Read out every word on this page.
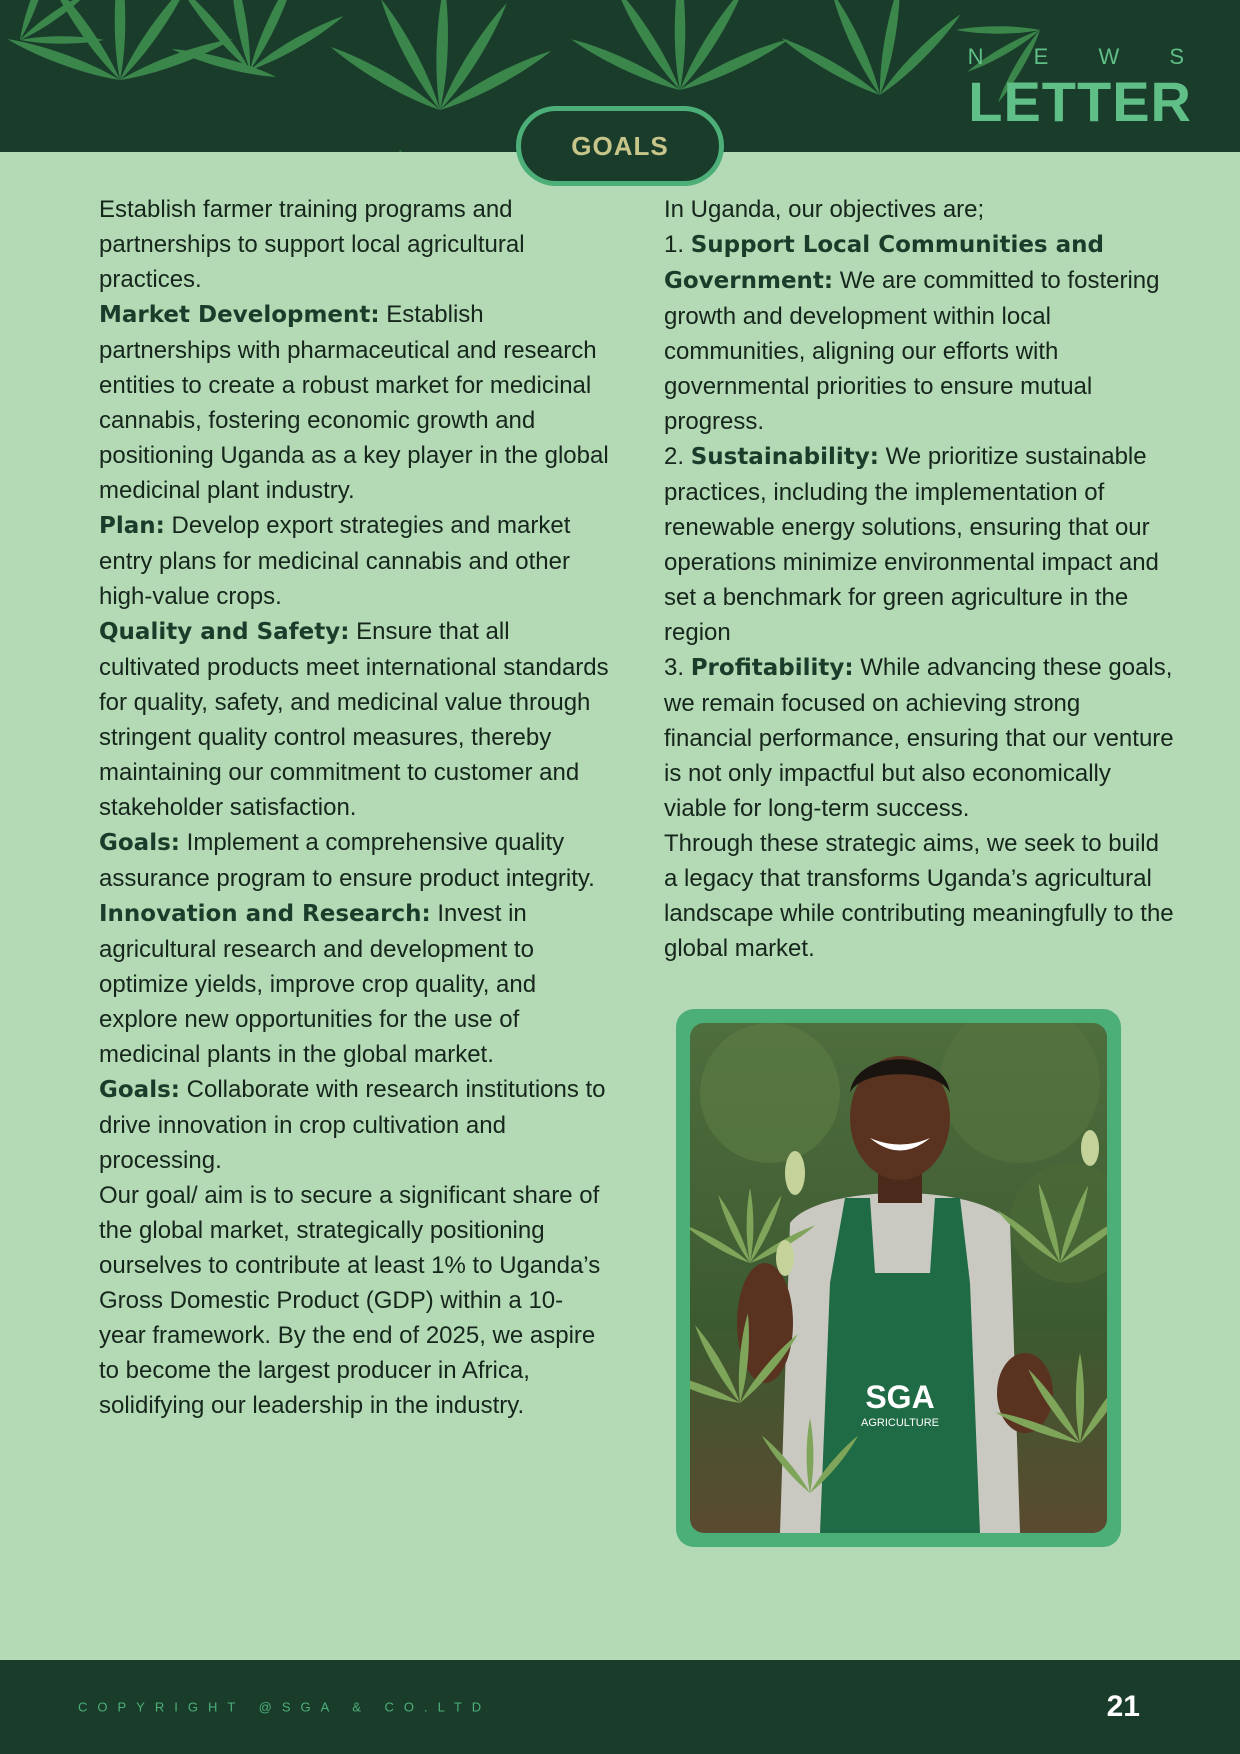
N E W S
LETTER
GOALS

Establish farmer training programs and partnerships to support local agricultural practices.

Market Development: Establish partnerships with pharmaceutical and research entities to create a robust market for medicinal cannabis, fostering economic growth and positioning Uganda as a key player in the global medicinal plant industry.

Plan: Develop export strategies and market entry plans for medicinal cannabis and other high-value crops.

Quality and Safety: Ensure that all cultivated products meet international standards for quality, safety, and medicinal value through stringent quality control measures, thereby maintaining our commitment to customer and stakeholder satisfaction.

Goals: Implement a comprehensive quality assurance program to ensure product integrity.

Innovation and Research: Invest in agricultural research and development to optimize yields, improve crop quality, and explore new opportunities for the use of medicinal plants in the global market.

Goals: Collaborate with research institutions to drive innovation in crop cultivation and processing.

Our goal/ aim is to secure a significant share of the global market, strategically positioning ourselves to contribute at least 1% to Uganda’s Gross Domestic Product (GDP) within a 10-year framework. By the end of 2025, we aspire to become the largest producer in Africa, solidifying our leadership in the industry.

In Uganda, our objectives are;

1. Support Local Communities and Government: We are committed to fostering growth and development within local communities, aligning our efforts with governmental priorities to ensure mutual progress.

2. Sustainability: We prioritize sustainable practices, including the implementation of renewable energy solutions, ensuring that our operations minimize environmental impact and set a benchmark for green agriculture in the region

3. Profitability: While advancing these goals, we remain focused on achieving strong financial performance, ensuring that our venture is not only impactful but also economically viable for long-term success.

Through these strategic aims, we seek to build a legacy that transforms Uganda’s agricultural landscape while contributing meaningfully to the global market.

SGA
AGRICULTURE
COPYRIGHT @SGA & CO.LTD	21
